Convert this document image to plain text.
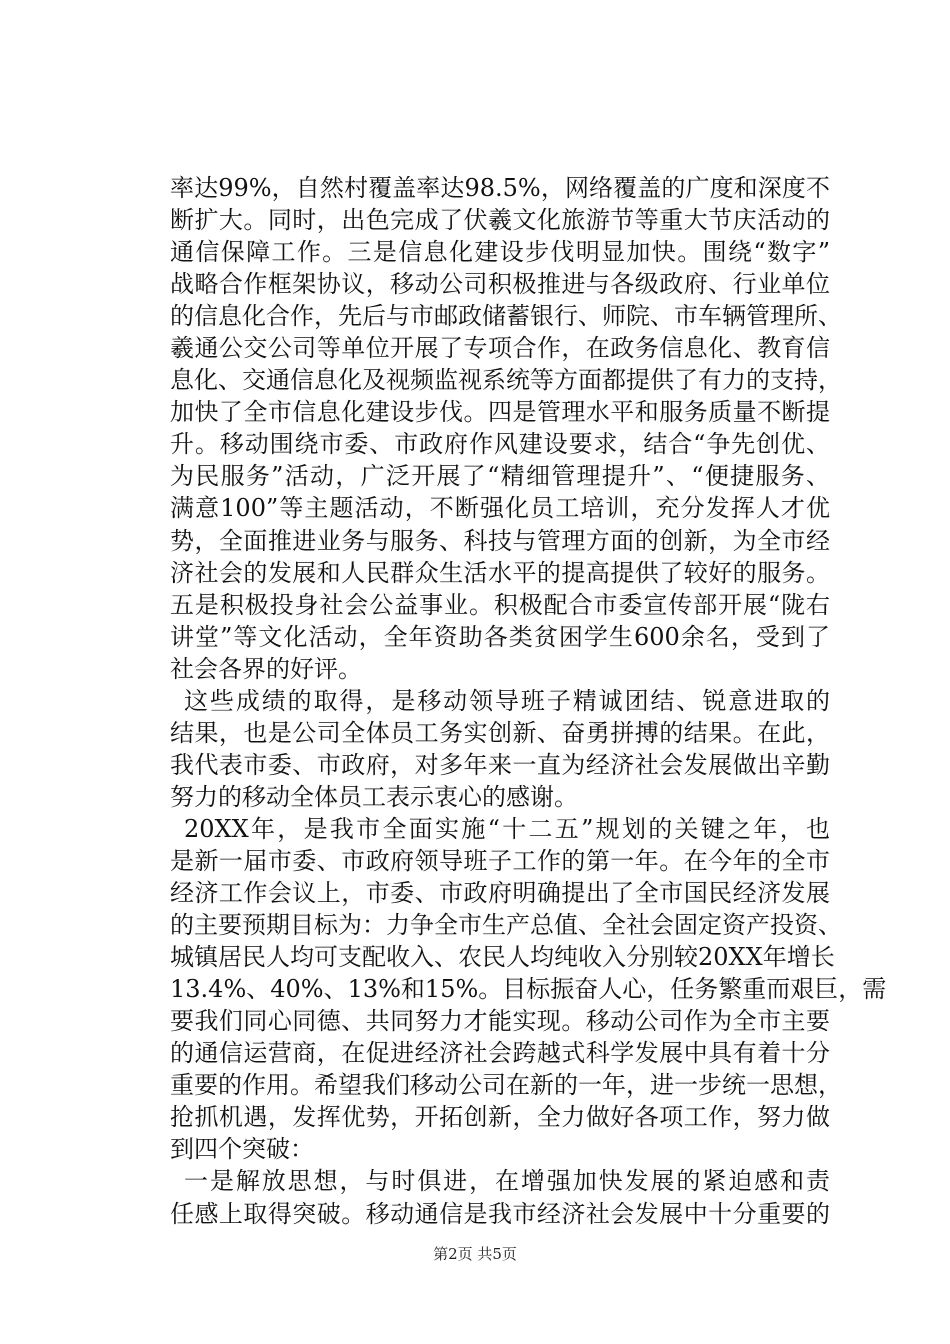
率达99%，自然村覆盖率达98.5%，网络覆盖的广度和深度不
断扩大。同时，出色完成了伏羲文化旅游节等重大节庆活动的
通信保障工作。三是信息化建设步伐明显加快。围绕“数字”
战略合作框架协议，移动公司积极推进与各级政府、行业单位
的信息化合作，先后与市邮政储蓄银行、师院、市车辆管理所、
羲通公交公司等单位开展了专项合作，在政务信息化、教育信
息化、交通信息化及视频监视系统等方面都提供了有力的支持，
加快了全市信息化建设步伐。四是管理水平和服务质量不断提
升。移动围绕市委、市政府作风建设要求，结合“争先创优、
为民服务”活动，广泛开展了“精细管理提升”、“便捷服务、
满意100”等主题活动，不断强化员工培训，充分发挥人才优
势，全面推进业务与服务、科技与管理方面的创新，为全市经
济社会的发展和人民群众生活水平的提高提供了较好的服务。
五是积极投身社会公益事业。积极配合市委宣传部开展“陇右
讲堂”等文化活动，全年资助各类贫困学生600余名，受到了
社会各界的好评。
这些成绩的取得，是移动领导班子精诚团结、锐意进取的
结果，也是公司全体员工务实创新、奋勇拼搏的结果。在此，
我代表市委、市政府，对多年来一直为经济社会发展做出辛勤
努力的移动全体员工表示衷心的感谢。
20XX年，是我市全面实施“十二五”规划的关键之年，也
是新一届市委、市政府领导班子工作的第一年。在今年的全市
经济工作会议上，市委、市政府明确提出了全市国民经济发展
的主要预期目标为：力争全市生产总值、全社会固定资产投资、
城镇居民人均可支配收入、农民人均纯收入分别较20XX年增长
13.4%、40%、13%和15%。目标振奋人心，任务繁重而艰巨，需
要我们同心同德、共同努力才能实现。移动公司作为全市主要
的通信运营商，在促进经济社会跨越式科学发展中具有着十分
重要的作用。希望我们移动公司在新的一年，进一步统一思想，
抢抓机遇，发挥优势，开拓创新，全力做好各项工作，努力做
到四个突破：
一是解放思想，与时俱进，在增强加快发展的紧迫感和责
任感上取得突破。移动通信是我市经济社会发展中十分重要的
第2页 共5页
